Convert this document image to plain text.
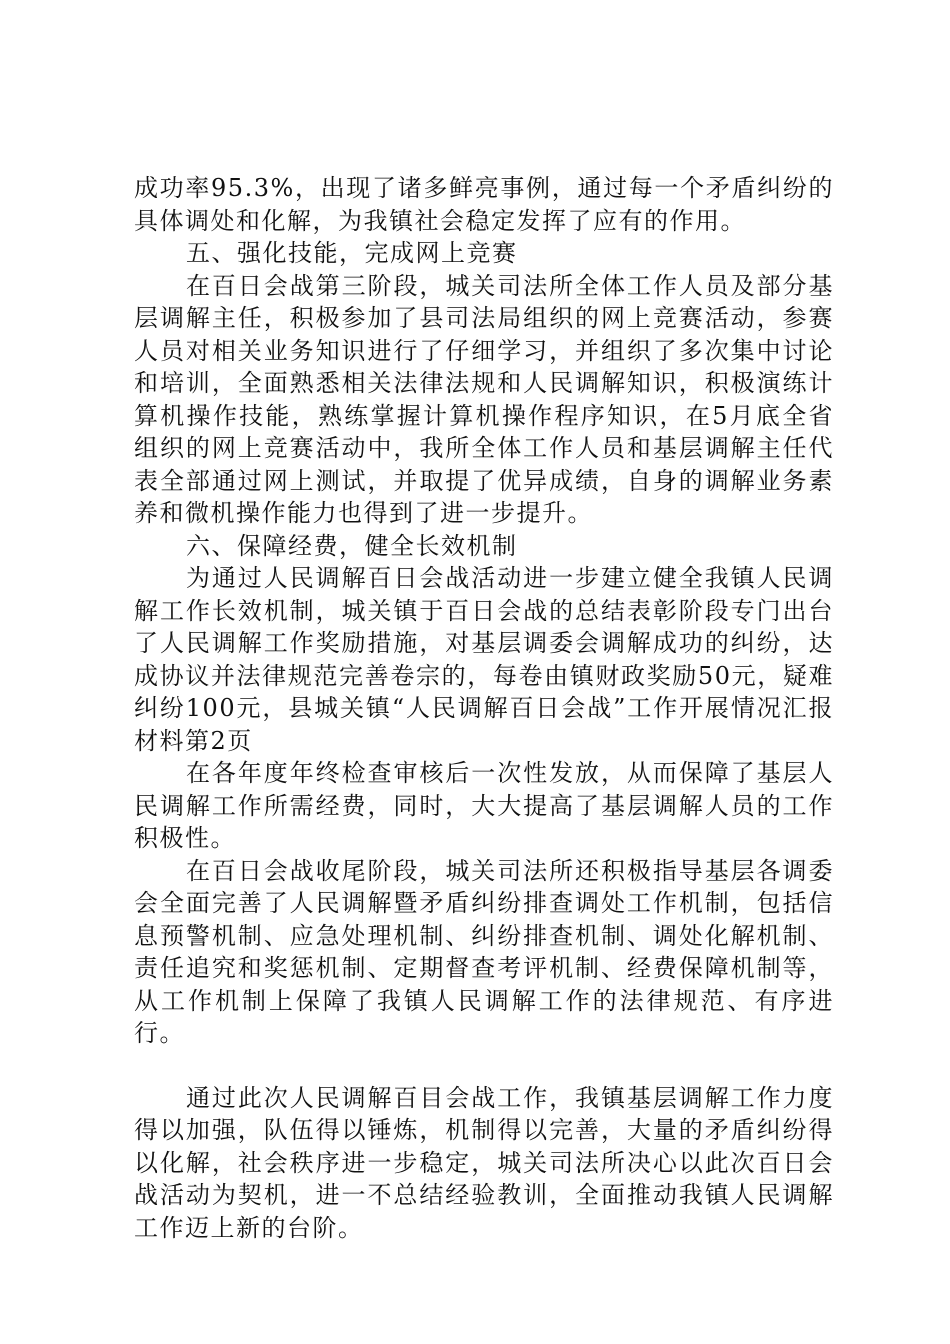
成功率95.3%，出现了诸多鲜亮事例，通过每一个矛盾纠纷的具体调处和化解，为我镇社会稳定发挥了应有的作用。

五、强化技能，完成网上竞赛

在百日会战第三阶段，城关司法所全体工作人员及部分基层调解主任，积极参加了县司法局组织的网上竞赛活动，参赛人员对相关业务知识进行了仔细学习，并组织了多次集中讨论和培训，全面熟悉相关法律法规和人民调解知识，积极演练计算机操作技能，熟练掌握计算机操作程序知识，在5月底全省组织的网上竞赛活动中，我所全体工作人员和基层调解主任代表全部通过网上测试，并取提了优异成绩，自身的调解业务素养和微机操作能力也得到了进一步提升。

六、保障经费，健全长效机制

为通过人民调解百日会战活动进一步建立健全我镇人民调解工作长效机制，城关镇于百日会战的总结表彰阶段专门出台了人民调解工作奖励措施，对基层调委会调解成功的纠纷，达成协议并法律规范完善卷宗的，每卷由镇财政奖励50元，疑难纠纷100元，县城关镇“人民调解百日会战”工作开展情况汇报材料第2页

在各年度年终检查审核后一次性发放，从而保障了基层人民调解工作所需经费，同时，大大提高了基层调解人员的工作积极性。

在百日会战收尾阶段，城关司法所还积极指导基层各调委会全面完善了人民调解暨矛盾纠纷排查调处工作机制，包括信息预警机制、应急处理机制、纠纷排查机制、调处化解机制、责任追究和奖惩机制、定期督查考评机制、经费保障机制等，从工作机制上保障了我镇人民调解工作的法律规范、有序进行。

通过此次人民调解百目会战工作，我镇基层调解工作力度得以加强，队伍得以锤炼，机制得以完善，大量的矛盾纠纷得以化解，社会秩序进一步稳定，城关司法所决心以此次百日会战活动为契机，进一不总结经验教训，全面推动我镇人民调解工作迈上新的台阶。
